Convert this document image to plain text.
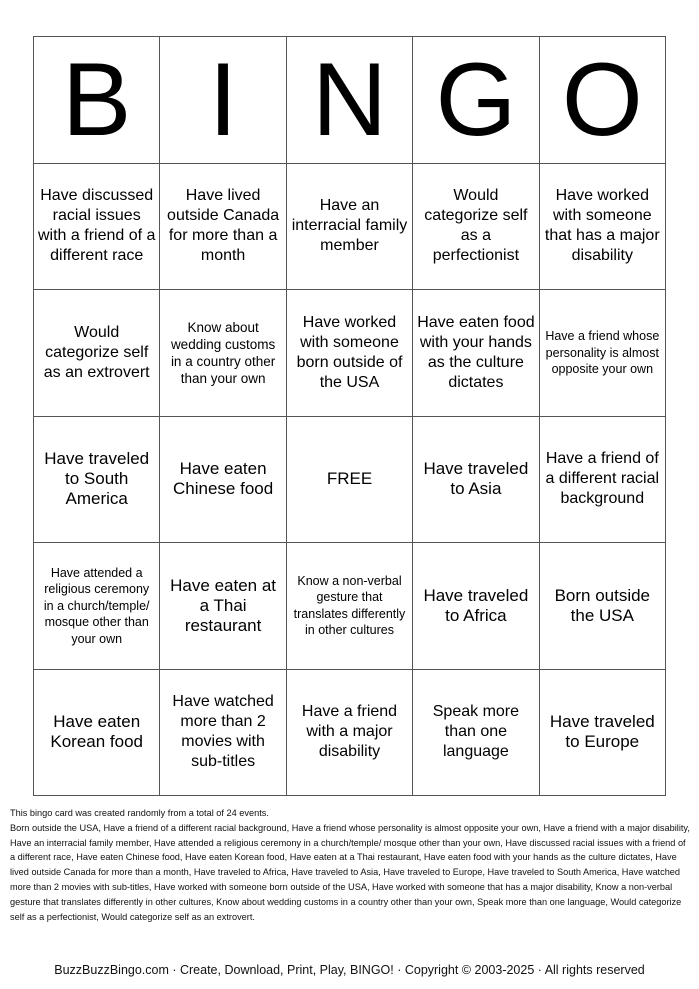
B I N G O
Have discussed racial issues with a friend of a different race
Have lived outside Canada for more than a month
Have an interracial family member
Would categorize self as a perfectionist
Have worked with someone that has a major disability
Would categorize self as an extrovert
Know about wedding customs in a country other than your own
Have worked with someone born outside of the USA
Have eaten food with your hands as the culture dictates
Have a friend whose personality is almost opposite your own
Have traveled to South America
Have eaten Chinese food
FREE
Have traveled to Asia
Have a friend of a different racial background
Have attended a religious ceremony in a church/temple/ mosque other than your own
Have eaten at a Thai restaurant
Know a non-verbal gesture that translates differently in other cultures
Have traveled to Africa
Born outside the USA
Have eaten Korean food
Have watched more than 2 movies with sub-titles
Have a friend with a major disability
Speak more than one language
Have traveled to Europe

This bingo card was created randomly from a total of 24 events.

Born outside the USA, Have a friend of a different racial background, Have a friend whose personality is almost opposite your own, Have a friend with a major disability, Have an interracial family member, Have attended a religious ceremony in a church/temple/ mosque other than your own, Have discussed racial issues with a friend of a different race, Have eaten Chinese food, Have eaten Korean food, Have eaten at a Thai restaurant, Have eaten food with your hands as the culture dictates, Have lived outside Canada for more than a month, Have traveled to Africa, Have traveled to Asia, Have traveled to Europe, Have traveled to South America, Have watched more than 2 movies with sub-titles, Have worked with someone born outside of the USA, Have worked with someone that has a major disability, Know a non-verbal gesture that translates differently in other cultures, Know about wedding customs in a country other than your own, Speak more than one language, Would categorize self as a perfectionist, Would categorize self as an extrovert.

BuzzBuzzBingo.com · Create, Download, Print, Play, BINGO! · Copyright © 2003-2025 · All rights reserved
